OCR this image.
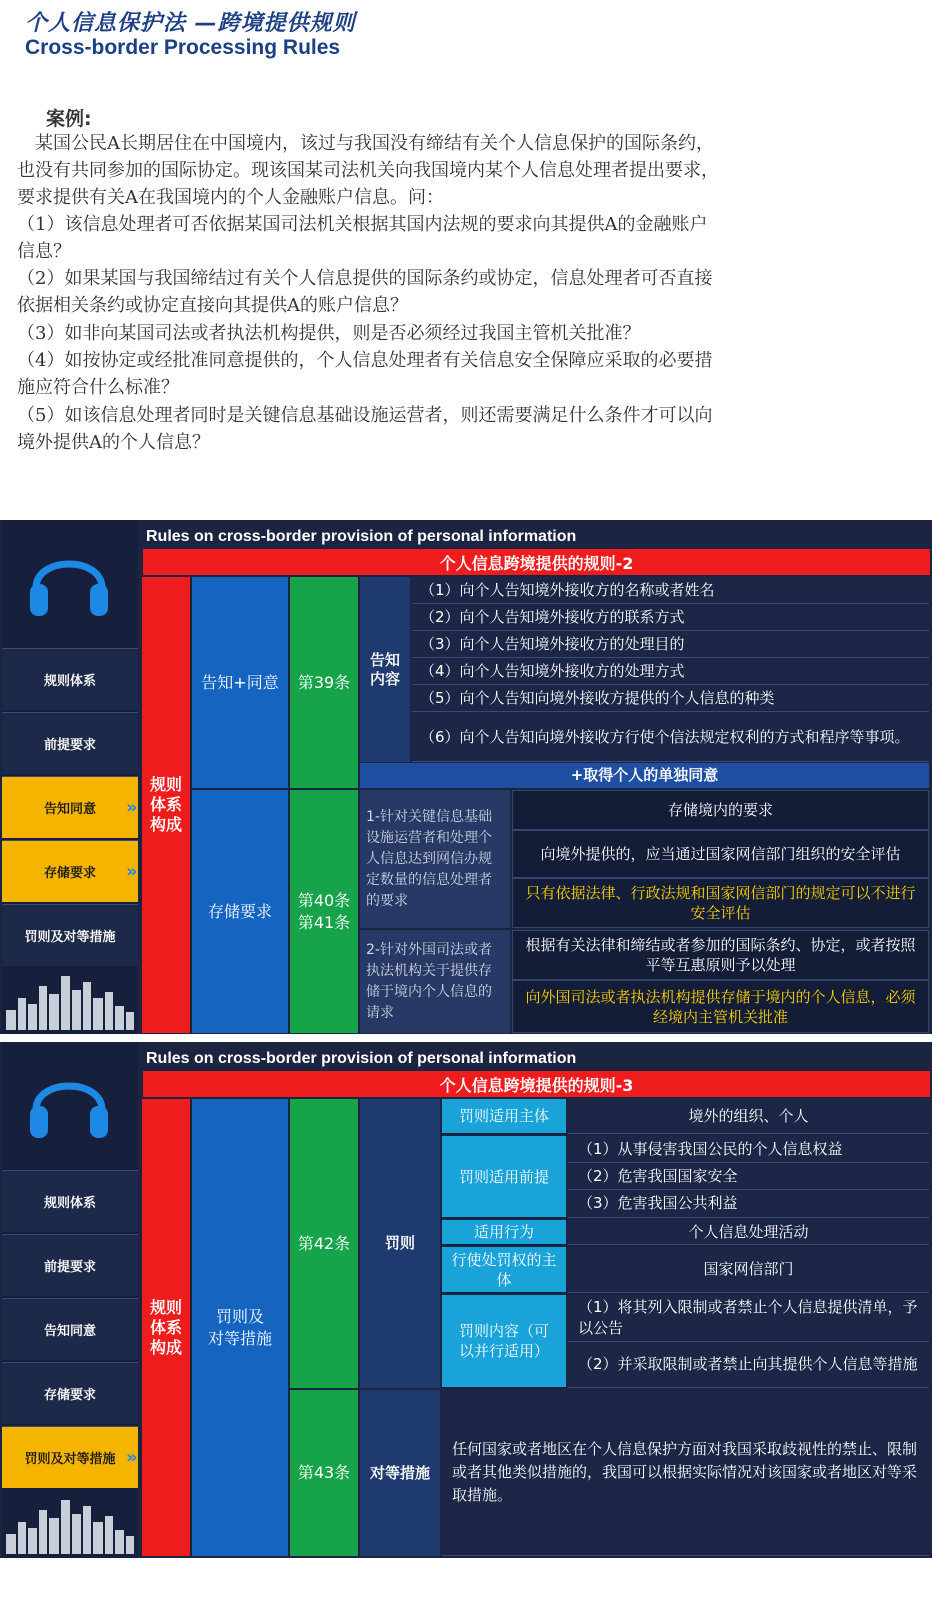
个人信息保护法 —跨境提供规则
Cross-border Processing Rules
案例:
　某国公民A长期居住在中国境内，该过与我国没有缔结有关个人信息保护的国际条约，
也没有共同参加的国际协定。现该国某司法机关向我国境内某个人信息处理者提出要求，
要求提供有关A在我国境内的个人金融账户信息。问：
（1）该信息处理者可否依据某国司法机关根据其国内法规的要求向其提供A的金融账户
信息？
（2）如果某国与我国缔结过有关个人信息提供的国际条约或协定，信息处理者可否直接
依据相关条约或协定直接向其提供A的账户信息？
（3）如非向某国司法或者执法机构提供，则是否必须经过我国主管机关批准？
（4）如按协定或经批准同意提供的，个人信息处理者有关信息安全保障应采取的必要措
施应符合什么标准？
（5）如该信息处理者同时是关键信息基础设施运营者，则还需要满足什么条件才可以向
境外提供A的个人信息？
规则体系
前提要求
告知同意
存储要求
罚则及对等措施
»
»
Rules on cross-border provision of personal information
个人信息跨境提供的规则-2
规则体系构成
告知+同意
存储要求
第39条
第40条
第41条
告知内容
（1）向个人告知境外接收方的名称或者姓名
（2）向个人告知境外接收方的联系方式
（3）向个人告知境外接收方的处理目的
（4）向个人告知境外接收方的处理方式
（5）向个人告知向境外接收方提供的个人信息的种类
（6）向个人告知向境外接收方行使个信法规定权利的方式和程序等事项。
+取得个人的单独同意
1-针对关键信息基础设施运营者和处理个人信息达到网信办规定数量的信息处理者的要求
2-针对外国司法或者执法机构关于提供存储于境内个人信息的请求
存储境内的要求
向境外提供的，应当通过国家网信部门组织的安全评估
只有依据法律、行政法规和国家网信部门的规定可以不进行安全评估
根据有关法律和缔结或者参加的国际条约、协定，或者按照平等互惠原则予以处理
向外国司法或者执法机构提供存储于境内的个人信息，必须经境内主管机关批准
规则体系
前提要求
告知同意
存储要求
罚则及对等措施 »
Rules on cross-border provision of personal information
个人信息跨境提供的规则-3
规则体系构成
罚则及
对等措施
第42条
第43条
罚则
对等措施
罚则适用主体	境外的组织、个人
罚则适用前提
（1）从事侵害我国公民的个人信息权益
（2）危害我国国家安全
（3）危害我国公共利益
适用行为	个人信息处理活动
行使处罚权的主体
国家网信部门
罚则内容（可以并行适用）
（1）将其列入限制或者禁止个人信息提供清单，予以公告
（2）并采取限制或者禁止向其提供个人信息等措施
任何国家或者地区在个人信息保护方面对我国采取歧视性的禁止、限制或者其他类似措施的，我国可以根据实际情况对该国家或者地区对等采取措施。
